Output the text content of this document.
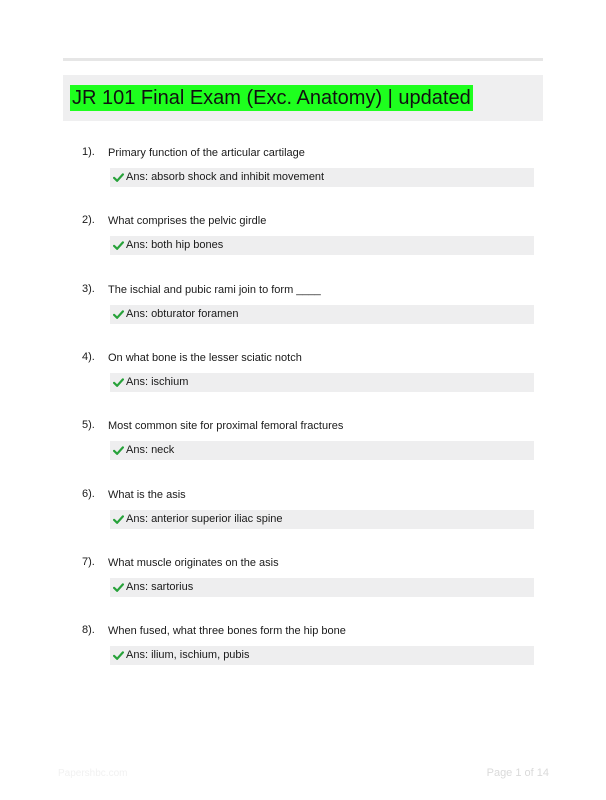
JR 101 Final Exam (Exc. Anatomy) | updated
1). Primary function of the articular cartilage
Ans: absorb shock and inhibit movement
2). What comprises the pelvic girdle
Ans: both hip bones
3). The ischial and pubic rami join to form ____
Ans: obturator foramen
4). On what bone is the lesser sciatic notch
Ans: ischium
5). Most common site for proximal femoral fractures
Ans: neck
6). What is the asis
Ans: anterior superior iliac spine
7). What muscle originates on the asis
Ans: sartorius
8). When fused, what three bones form the hip bone
Ans: ilium, ischium, pubis
Papershbc.com	Page 1 of 14
